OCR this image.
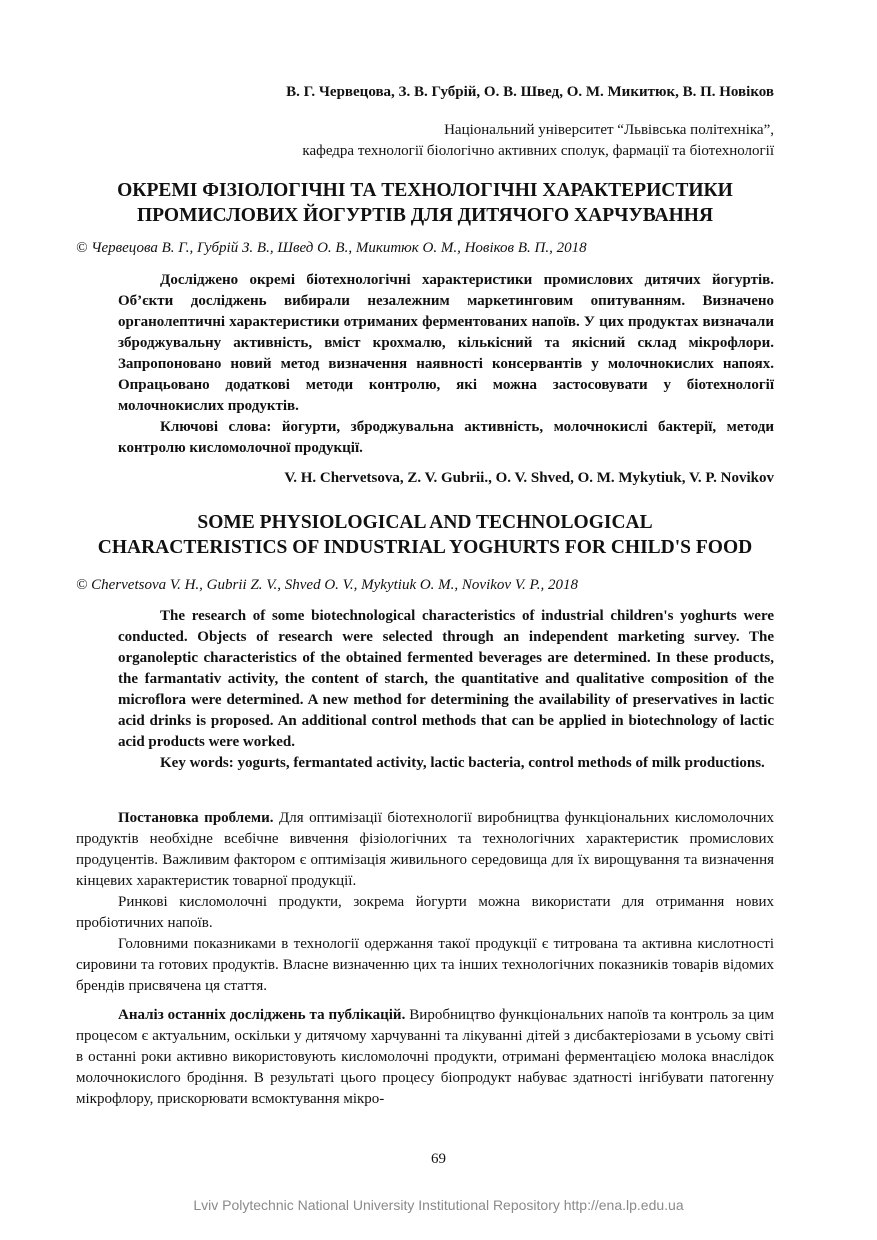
В. Г. Червецова, З. В. Губрій, О. В. Швед, О. М. Микитюк, В. П. Новіков
Національний університет “Львівська політехніка”,
кафедра технології біологічно активних сполук, фармації та біотехнології
ОКРЕМІ ФІЗІОЛОГІЧНІ ТА ТЕХНОЛОГІЧНІ ХАРАКТЕРИСТИКИ
ПРОМИСЛОВИХ ЙОГУРТІВ ДЛЯ ДИТЯЧОГО ХАРЧУВАННЯ
© Червецова В. Г., Губрій З. В., Швед О. В., Микитюк О. М., Новіков В. П., 2018

Досліджено окремі біотехнологічні характеристики промислових дитячих йогуртів. Об’єкти досліджень вибирали незалежним маркетинговим опитуванням. Визначено органолептичні характеристики отриманих ферментованих напоїв. У цих продуктах визначали зброджувальну активність, вміст крохмалю, кількісний та якісний склад мікрофлори. Запропоновано новий метод визначення наявності консервантів у молочнокислих напоях. Опрацьовано додаткові методи контролю, які можна застосовувати у біотехнології молочнокислих продуктів.

Ключові слова: йогурти, зброджувальна активність, молочнокислі бактерії, методи контролю кисломолочної продукції.

V. H. Chervetsova, Z. V. Gubrii., O. V. Shved, O. M. Mykytiuk, V. P. Novikov
SOME PHYSIOLOGICAL AND TECHNOLOGICAL
CHARACTERISTICS OF INDUSTRIAL YOGHURTS FOR CHILD'S FOOD
© Chervetsova V. H., Gubrii Z. V., Shved O. V., Mykytiuk O. M., Novikov V. P., 2018

The research of some biotechnological characteristics of industrial children's yoghurts were conducted. Objects of research were selected through an independent marketing survey. The organoleptic characteristics of the obtained fermented beverages are determined. In these products, the farmantativ activity, the content of starch, the quantitative and qualitative composition of the microflora were determined. A new method for determining the availability of preservatives in lactic acid drinks is proposed. An additional control methods that can be applied in biotechnology of lactic acid products were worked.

Key words: yogurts, fermantated activity, lactic bacteria, control methods of milk productions.

Постановка проблеми. Для оптимізації біотехнології виробництва функціональних кисломолочних продуктів необхідне всебічне вивчення фізіологічних та технологічних характеристик промислових продуцентів. Важливим фактором є оптимізація живильного середовища для їх вирощування та визначення кінцевих характеристик товарної продукції.

Ринкові кисломолочні продукти, зокрема йогурти можна використати для отримання нових пробіотичних напоїв.

Головними показниками в технології одержання такої продукції є титрована та активна кислотності сировини та готових продуктів. Власне визначенню цих та інших технологічних показників товарів відомих брендів присвячена ця стаття.

Аналіз останніх досліджень та публікацій. Виробництво функціональних напоїв та контроль за цим процесом є актуальним, оскільки у дитячому харчуванні та лікуванні дітей з дисбактеріозами в усьому світі в останні роки активно використовують кисломолочні продукти, отримані ферментацією молока внаслідок молочнокислого бродіння. В результаті цього процесу біопродукт набуває здатності інгібувати патогенну мікрофлору, прискорювати всмоктування мікро-

69
Lviv Polytechnic National University Institutional Repository http://ena.lp.edu.ua
